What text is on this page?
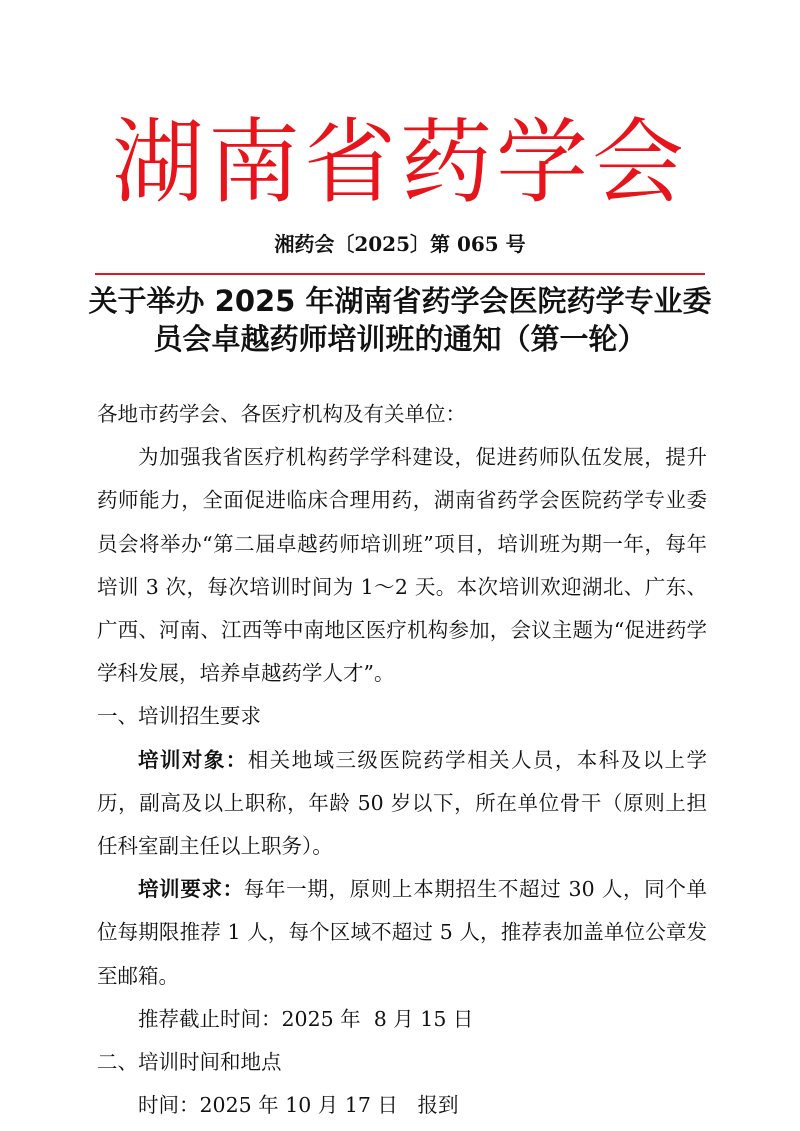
湖南省药学会
湘药会〔2025〕第 065 号
关于举办 2025 年湖南省药学会医院药学专业委
员会卓越药师培训班的通知（第一轮）

各地市药学会、各医疗机构及有关单位：

为加强我省医疗机构药学学科建设，促进药师队伍发展，提升药师能力，全面促进临床合理用药，湖南省药学会医院药学专业委员会将举办“第二届卓越药师培训班”项目，培训班为期一年，每年培训 3 次，每次培训时间为 1～2 天。本次培训欢迎湖北、广东、广西、河南、江西等中南地区医疗机构参加，会议主题为“促进药学学科发展，培养卓越药学人才”。

一、培训招生要求

培训对象：相关地域三级医院药学相关人员，本科及以上学历，副高及以上职称，年龄 50 岁以下，所在单位骨干（原则上担任科室副主任以上职务）。

培训要求：每年一期，原则上本期招生不超过 30 人，同个单位每期限推荐 1 人，每个区域不超过 5 人，推荐表加盖单位公章发至邮箱。

推荐截止时间：2025 年  8 月 15 日

二、培训时间和地点

时间：2025 年 10 月 17 日   报到
